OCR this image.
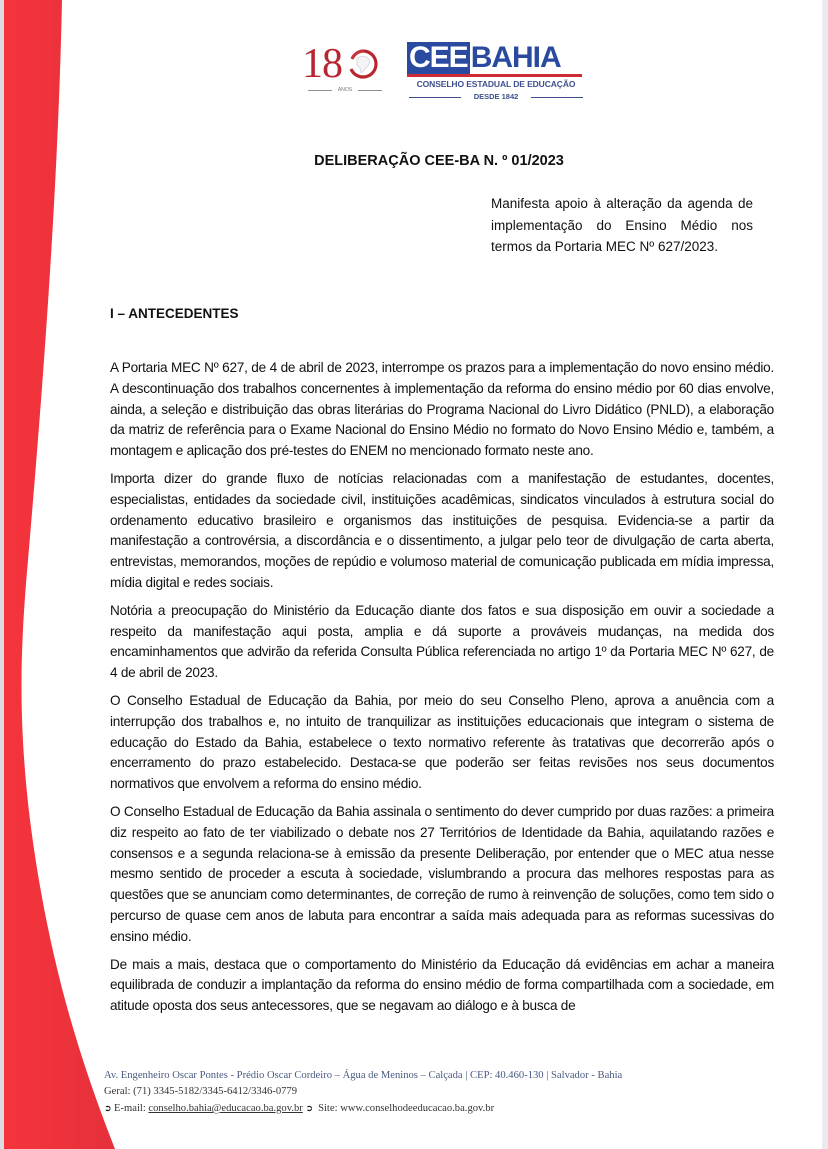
18
ANOS
CEE BAHIA
CONSELHO ESTADUAL DE EDUCAÇÃO
DESDE 1842
DELIBERAÇÃO CEE-BA N. º 01/2023
Manifesta apoio à alteração da agenda de implementação do Ensino Médio nos termos da Portaria MEC Nº 627/2023.
I – ANTECEDENTES

A Portaria MEC Nº 627, de 4 de abril de 2023, interrompe os prazos para a implementação do novo ensino médio. A descontinuação dos trabalhos concernentes à implementação da reforma do ensino médio por 60 dias envolve, ainda, a seleção e distribuição das obras literárias do Programa Nacional do Livro Didático (PNLD), a elaboração da matriz de referência para o Exame Nacional do Ensino Médio no formato do Novo Ensino Médio e, também, a montagem e aplicação dos pré-testes do ENEM no mencionado formato neste ano.

Importa dizer do grande fluxo de notícias relacionadas com a manifestação de estudantes, docentes, especialistas, entidades da sociedade civil, instituições acadêmicas, sindicatos vinculados à estrutura social do ordenamento educativo brasileiro e organismos das instituições de pesquisa. Evidencia-se a partir da manifestação a controvérsia, a discordância e o dissentimento, a julgar pelo teor de divulgação de carta aberta, entrevistas, memorandos, moções de repúdio e volumoso material de comunicação publicada em mídia impressa, mídia digital e redes sociais.

Notória a preocupação do Ministério da Educação diante dos fatos e sua disposição em ouvir a sociedade a respeito da manifestação aqui posta, amplia e dá suporte a prováveis mudanças, na medida dos encaminhamentos que advirão da referida Consulta Pública referenciada no artigo 1º da Portaria MEC Nº 627, de 4 de abril de 2023.

O Conselho Estadual de Educação da Bahia, por meio do seu Conselho Pleno, aprova a anuência com a interrupção dos trabalhos e, no intuito de tranquilizar as instituições educacionais que integram o sistema de educação do Estado da Bahia, estabelece o texto normativo referente às tratativas que decorrerão após o encerramento do prazo estabelecido. Destaca-se que poderão ser feitas revisões nos seus documentos normativos que envolvem a reforma do ensino médio.

O Conselho Estadual de Educação da Bahia assinala o sentimento do dever cumprido por duas razões: a primeira diz respeito ao fato de ter viabilizado o debate nos 27 Territórios de Identidade da Bahia, aquilatando razões e consensos e a segunda relaciona-se à emissão da presente Deliberação, por entender que o MEC atua nesse mesmo sentido de proceder a escuta à sociedade, vislumbrando a procura das melhores respostas para as questões que se anunciam como determinantes, de correção de rumo à reinvenção de soluções, como tem sido o percurso de quase cem anos de labuta para encontrar a saída mais adequada para as reformas sucessivas do ensino médio.

De mais a mais, destaca que o comportamento do Ministério da Educação dá evidências em achar a maneira equilibrada de conduzir a implantação da reforma do ensino médio de forma compartilhada com a sociedade, em atitude oposta dos seus antecessores, que se negavam ao diálogo e à busca de

Av. Engenheiro Oscar Pontes - Prédio Oscar Cordeiro – Água de Meninos – Calçada | CEP: 40.460-130 | Salvador - Bahia
Geral: (71) 3345-5182/3345-6412/3346-0779
➲ E-mail: conselho.bahia@educacao.ba.gov.br ➲ Site: www.conselhodeeducacao.ba.gov.br
